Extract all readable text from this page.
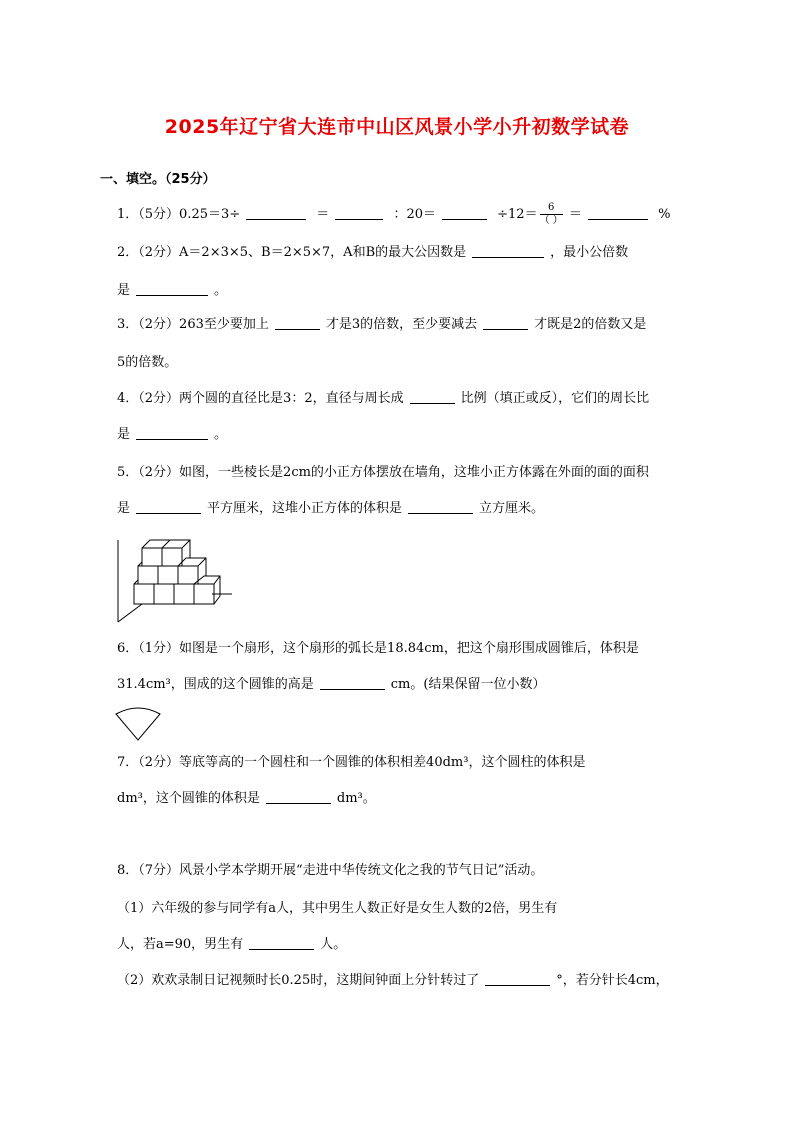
2025年辽宁省大连市中山区风景小学小升初数学试卷
一、填空。（25分）
1．（5分）0.25＝3÷	＝	：20＝	$\div 12= \frac{6}{( )}$ ＝	%
2．（2分）A＝2×3×5、B＝2×5×7，A和B的最大公因数是	，最小公倍数
是	。
3．（2分）263至少要加上	才是3的倍数，至少要减去	才既是2的倍数又是
5的倍数。
4．（2分）两个圆的直径比是3：2，直径与周长成	比例（填正或反），它们的周长比
是	。
5．（2分）如图，一些棱长是2cm的小正方体摆放在墙角，这堆小正方体露在外面的面的面积
是	平方厘米，这堆小正方体的体积是	立方厘米。
6．（1分）如图是一个扇形，这个扇形的弧长是18.84cm，把这个扇形围成圆锥后，体积是
31.4cm³，围成的这个圆锥的高是	cm。(结果保留一位小数）
7．（2分）等底等高的一个圆柱和一个圆锥的体积相差40dm³，这个圆柱的体积是
dm³，这个圆锥的体积是	dm³。
8．（7分）风景小学本学期开展“走进中华传统文化之我的节气日记”活动。
（1）六年级的参与同学有a人，其中男生人数正好是女生人数的2倍，男生有
人，若a=90，男生有	人。
（2）欢欢录制日记视频时长0.25时，这期间钟面上分针转过了	°，若分针长4cm，
